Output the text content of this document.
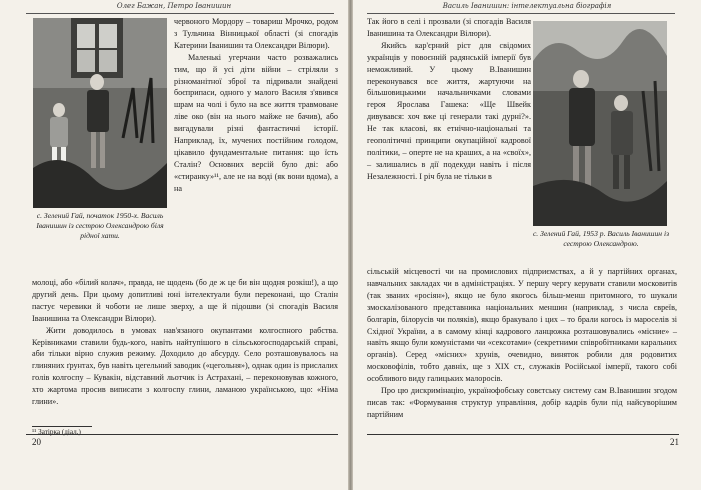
Олег Бажан, Петро Іванишин
с. Зелений Гай, початок 1950-х. Василь Іванишин із сестрою Олександрою біля рідної хати.

червоного Мордору – товариш Мрочко, родом з Тульчина Вінницької області (зі спогадів Катерини Іванишин та Олександри Вілюри).

Маленькі угерчани часто розважались тим, що й усі діти війни – стріляли з різноманітної зброї та підривали знайдені боєприпаси, одного у малого Василя з'явився шрам на чолі і було на все життя травмоване ліве око (він на нього майже не бачив), або вигадували різні фантастичні історії. Наприклад, їх, мучених постійним голодом, цікавило фундаментальне питання: що їсть Сталін? Основних версій було дві: або «стиранку»¹¹, але не на воді (як вони вдома), а на

молоці, або «білий колач», правда, не щодень (бо де ж це би він щодня розкіш!), а що другий день. При цьому допитливі юні інтелектуали були переконані, що Сталін пастує черевики й чоботи не лише зверху, а ще й підошви (зі спогадів Василя Іванишина та Олександри Вілюри).

Жити доводилось в умовах нав'язаного окупантами колгоспного рабства. Керівниками ставили будь-кого, навіть найтупішого в сільськогосподарській справі, аби тільки вірно служив режиму. Доходило до абсурду. Село розташовувалось на глиняних ґрунтах, був навіть цегельний заводик («цегольня»), однак один із прислалих голів колгоспу – Кувакін, відставний льотчик із Астрахані, – переконовував кожного, хто жартома просив виписати з колгоспу глини, ламаною українською, що: «Німа глини».

¹¹ Затірка (діал.)
20
Василь Іванишин: інтелектуальна біографія

Так його в селі і прозвали (зі спогадів Василя Іванишина та Олександри Вілюри).

Якийсь кар'єрний ріст для свідомих українців у повоєнній радянській імперії був неможливий. У цьому В.Іванишин переконувався все життя, жартуючи на більшовицькими начальничками словами героя Ярослава Гашека: «Ще Швейк дивувався: хоч вже ці генерали такі дурні?». Не так класові, як етнічно-національні та геополітичні принципи окупаційної кадрової політики, – оперте не на краших, а на «своїх», – залишались в дії подекуди навіть і після Незалежності. І річ була не тільки в

сільській місцевості чи на промислових підприємствах, а й у партійних органах, навчальних закладах чи в адміністраціях. У першу чергу керувати ставили московитів (так званих «росіян»), якщо не було якогось більш-менш притомного, то шукали змоскалізованого представника національних меншин (наприклад, з числа євреїв, болгарів, білорусів чи поляків), якщо бракувало і цих – то брали когось із мароселів зі Східної України, а в самому кінці кадрового ланцюжка розташовувались «місние» – навіть якщо були комуністами чи «сексотами» (секретними співробітниками каральних органів). Серед «місних» хрунів, очевидно, виняток робили для родовитих московофілів, тобто давніх, ще з XIX ст., служаків Російської імперії, такого собі особливого виду галицьких малоросів.

Про цю дискримінацію, українофобську совєтську систему сам В.Іванишин згодом писав так: «Формування структур управління, добір кадрів були під найсуворішим партійним

с. Зелений Гай, 1953 р. Василь Іванишин із сестрою Олександрою.
21
